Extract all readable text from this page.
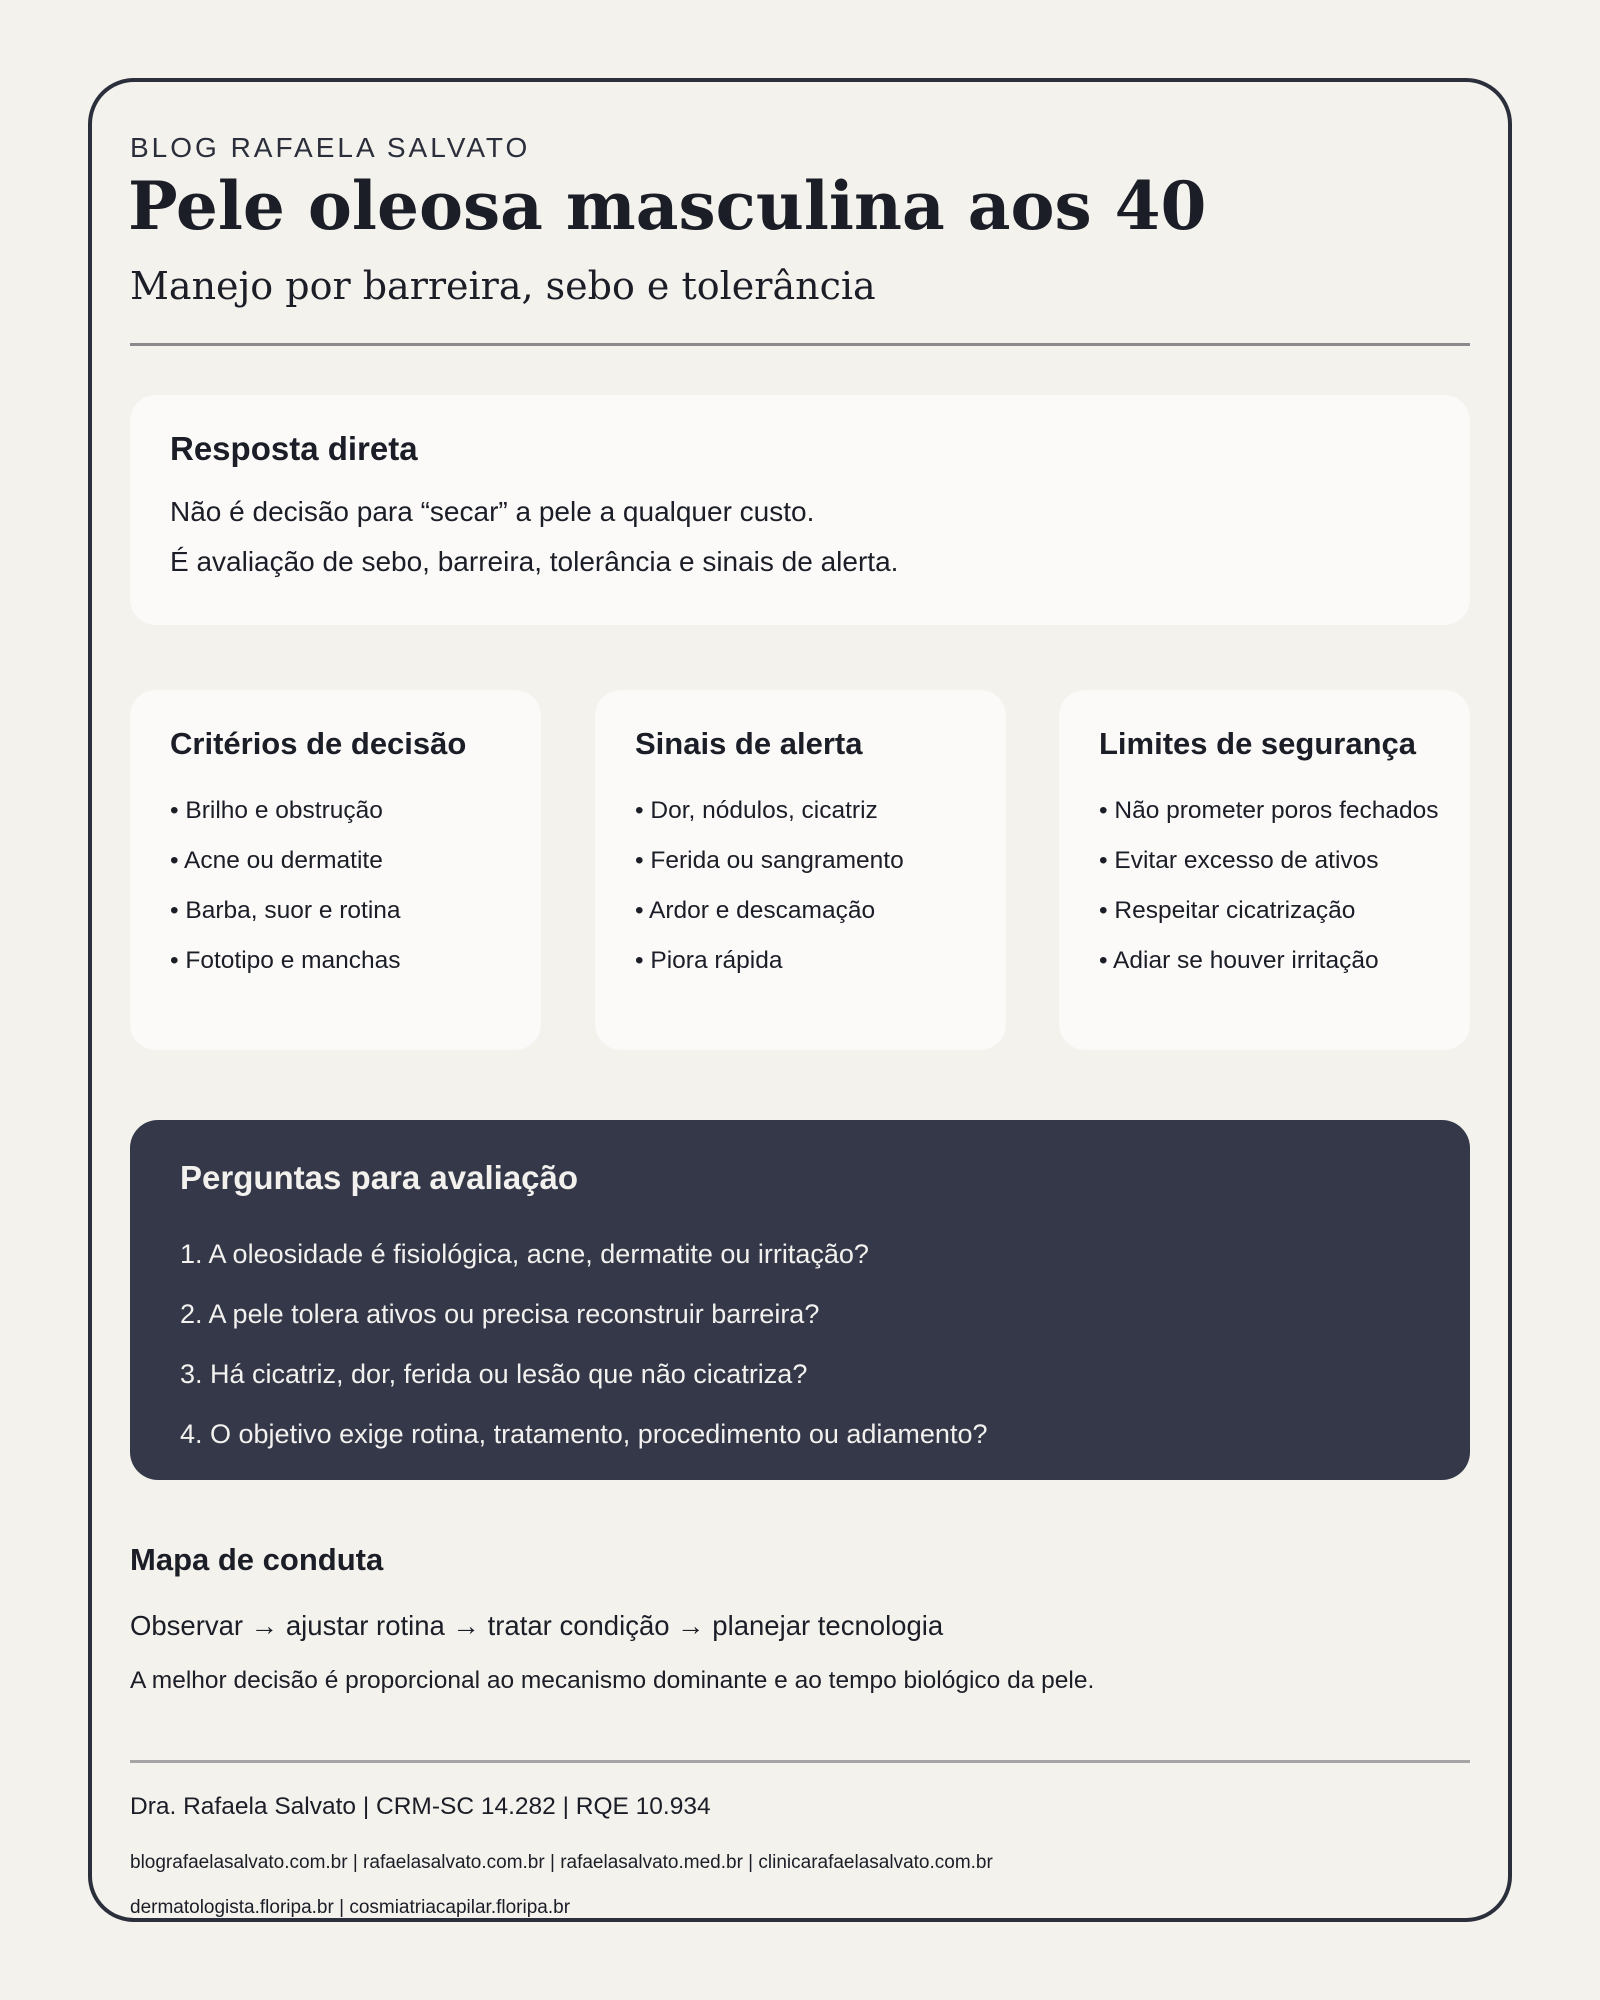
BLOG RAFAELA SALVATO
Pele oleosa masculina aos 40
Manejo por barreira, sebo e tolerância
Resposta direta

Não é decisão para “secar” a pele a qualquer custo.

É avaliação de sebo, barreira, tolerância e sinais de alerta.

Critérios de decisão
• Brilho e obstrução
• Acne ou dermatite
• Barba, suor e rotina
• Fototipo e manchas
Sinais de alerta
• Dor, nódulos, cicatriz
• Ferida ou sangramento
• Ardor e descamação
• Piora rápida
Limites de segurança
• Não prometer poros fechados
• Evitar excesso de ativos
• Respeitar cicatrização
• Adiar se houver irritação
Perguntas para avaliação
1. A oleosidade é fisiológica, acne, dermatite ou irritação?
2. A pele tolera ativos ou precisa reconstruir barreira?
3. Há cicatriz, dor, ferida ou lesão que não cicatriza?
4. O objetivo exige rotina, tratamento, procedimento ou adiamento?
Mapa de conduta
Observar → ajustar rotina → tratar condição → planejar tecnologia

A melhor decisão é proporcional ao mecanismo dominante e ao tempo biológico da pele.

Dra. Rafaela Salvato | CRM-SC 14.282 | RQE 10.934
blografaelasalvato.com.br | rafaelasalvato.com.br | rafaelasalvato.med.br | clinicarafaelasalvato.com.br
dermatologista.floripa.br | cosmiatriacapilar.floripa.br
